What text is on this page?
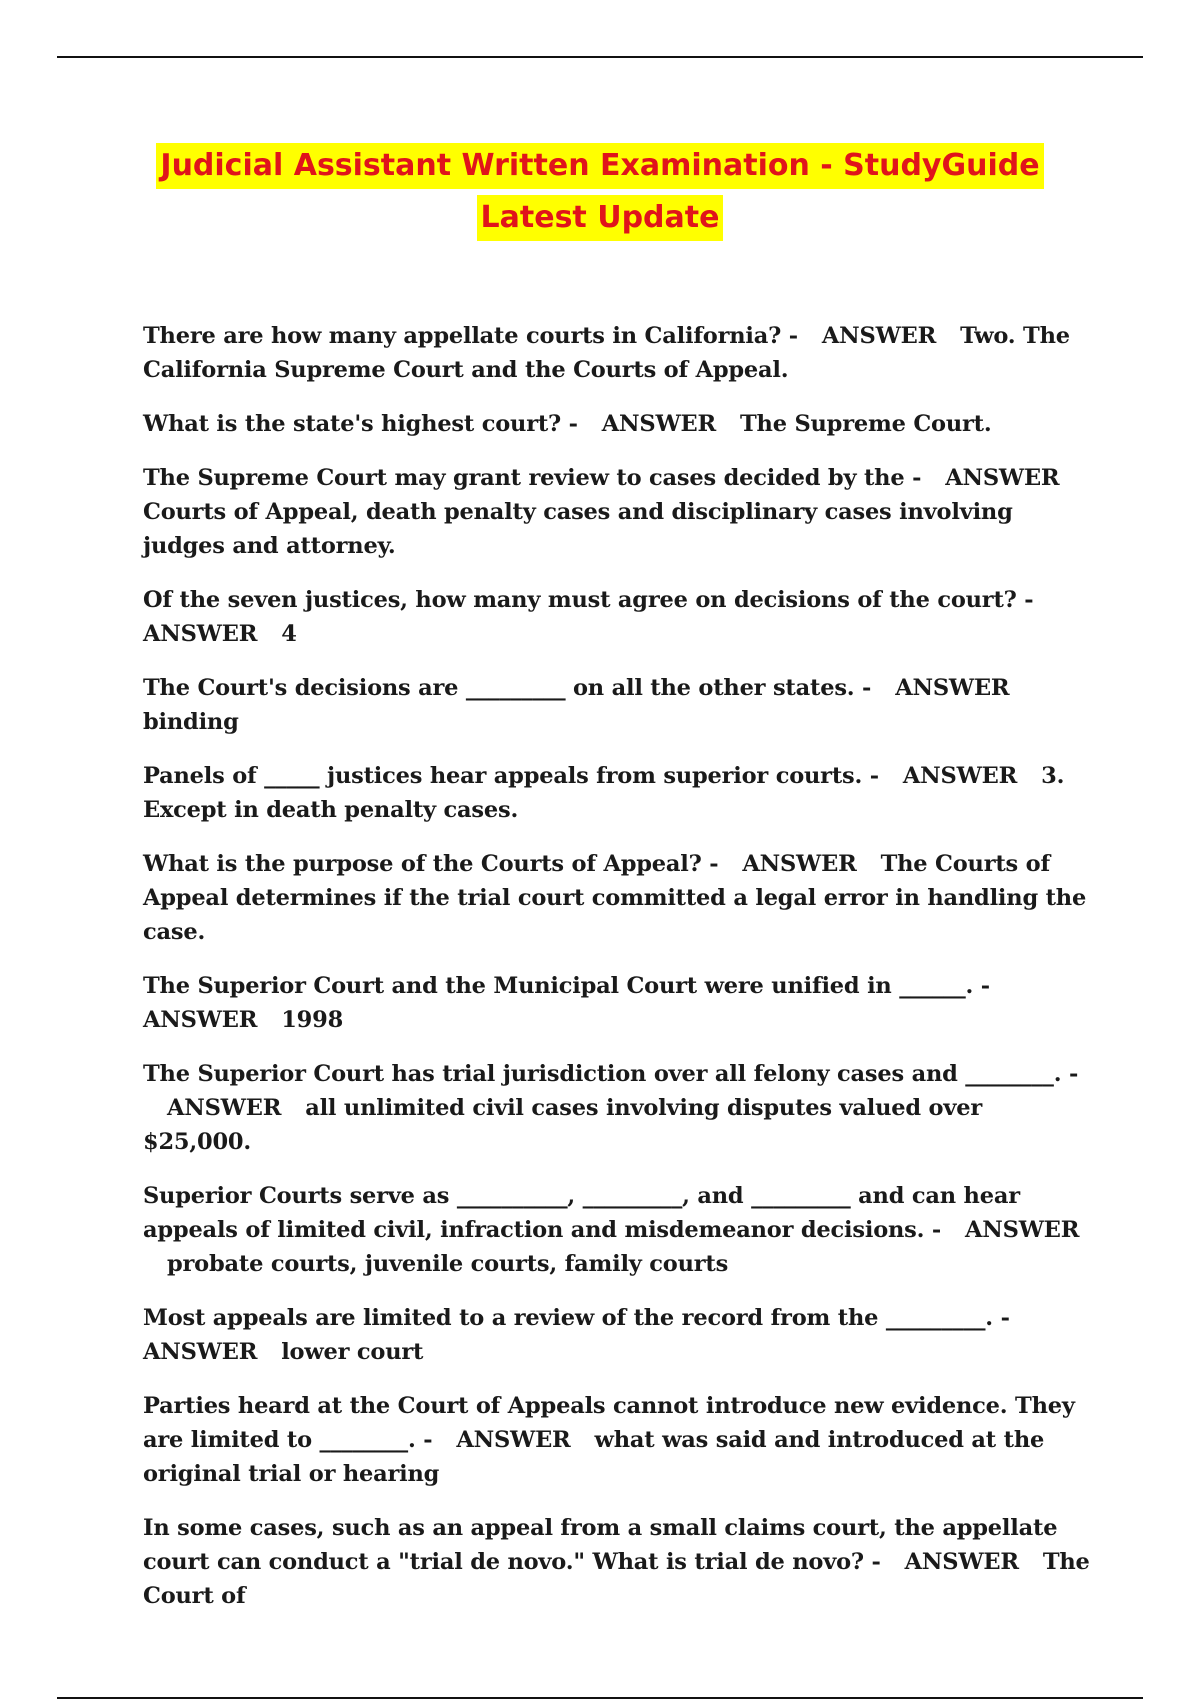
Judicial Assistant Written Examination - StudyGuide
Latest Update
There are how many appellate courts in California? - ANSWER Two. The California Supreme Court and the Courts of Appeal.
What is the state's highest court? - ANSWER The Supreme Court.
The Supreme Court may grant review to cases decided by the - ANSWERCourts of Appeal, death penalty cases and disciplinary cases involving judges and attorney.
Of the seven justices, how many must agree on decisions of the court? -ANSWER 4
The Court's decisions are _________ on all the other states. - ANSWERbinding
Panels of _____ justices hear appeals from superior courts. - ANSWER 3. Except in death penalty cases.
What is the purpose of the Courts of Appeal? - ANSWER The Courts of Appeal determines if the trial court committed a legal error in handling the case.
The Superior Court and the Municipal Court were unified in ______. -ANSWER 1998
The Superior Court has trial jurisdiction over all felony cases and ________. -ANSWER all unlimited civil cases involving disputes valued over $25,000.
Superior Courts serve as __________, _________, and _________ and can hear appeals of limited civil, infraction and misdemeanor decisions. - ANSWERprobate courts, juvenile courts, family courts
Most appeals are limited to a review of the record from the _________. -ANSWER lower court
Parties heard at the Court of Appeals cannot introduce new evidence. They are limited to ________. - ANSWER what was said and introduced at the original trial or hearing
In some cases, such as an appeal from a small claims court, the appellate court can conduct a "trial de novo." What is trial de novo? - ANSWER The Court of
